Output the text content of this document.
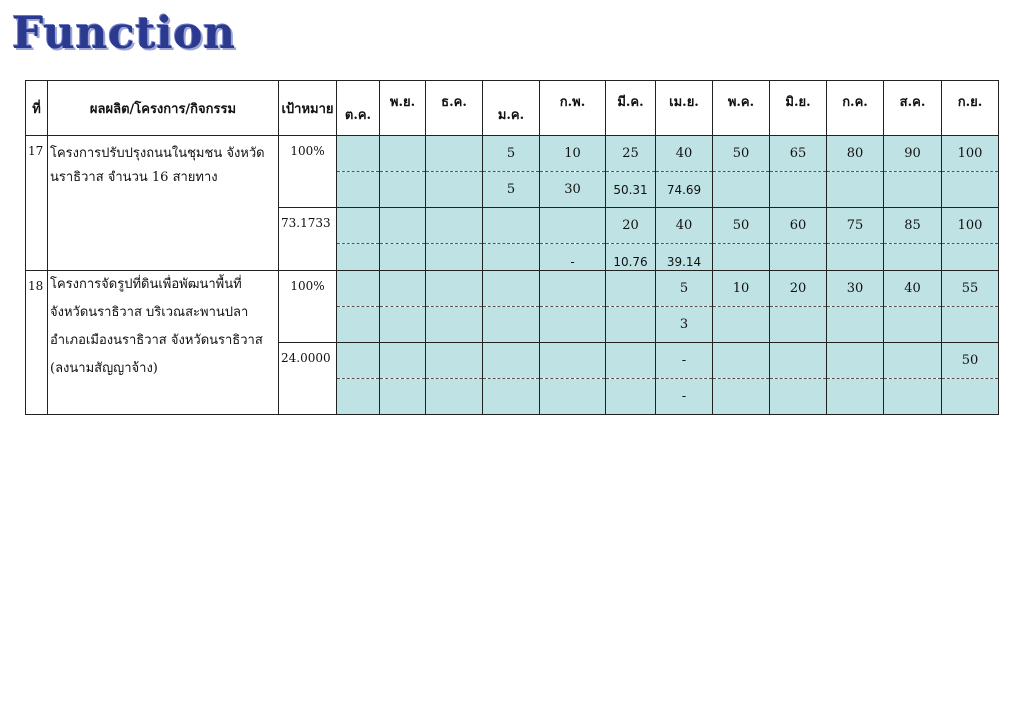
Function
ที่	ผลผลิต/โครงการ/กิจกรรม	เป้าหมาย	ต.ค.	พ.ย.	ธ.ค.	ม.ค.	ก.พ.	มี.ค.	เม.ย.	พ.ค.	มิ.ย.	ก.ค.	ส.ค.	ก.ย.
17	โครงการปรับปรุงถนนในชุมชน จังหวัดนราธิวาส จำนวน 16 สายทาง	100%				5	10	25	40	50	65	80	90	100
						5	30	50.31	74.69					
		73.1733						20	40	50	60	75	85	100
							-	10.76	39.14					
18	โครงการจัดรูปที่ดินเพื่อพัฒนาพื้นที่ จังหวัดนราธิวาส บริเวณสะพานปลา อำเภอเมืองนราธิวาส จังหวัดนราธิวาส (ลงนามสัญญาจ้าง)	100%							5	10	20	30	40	55
									3					
		24.0000							-					50
									-					
